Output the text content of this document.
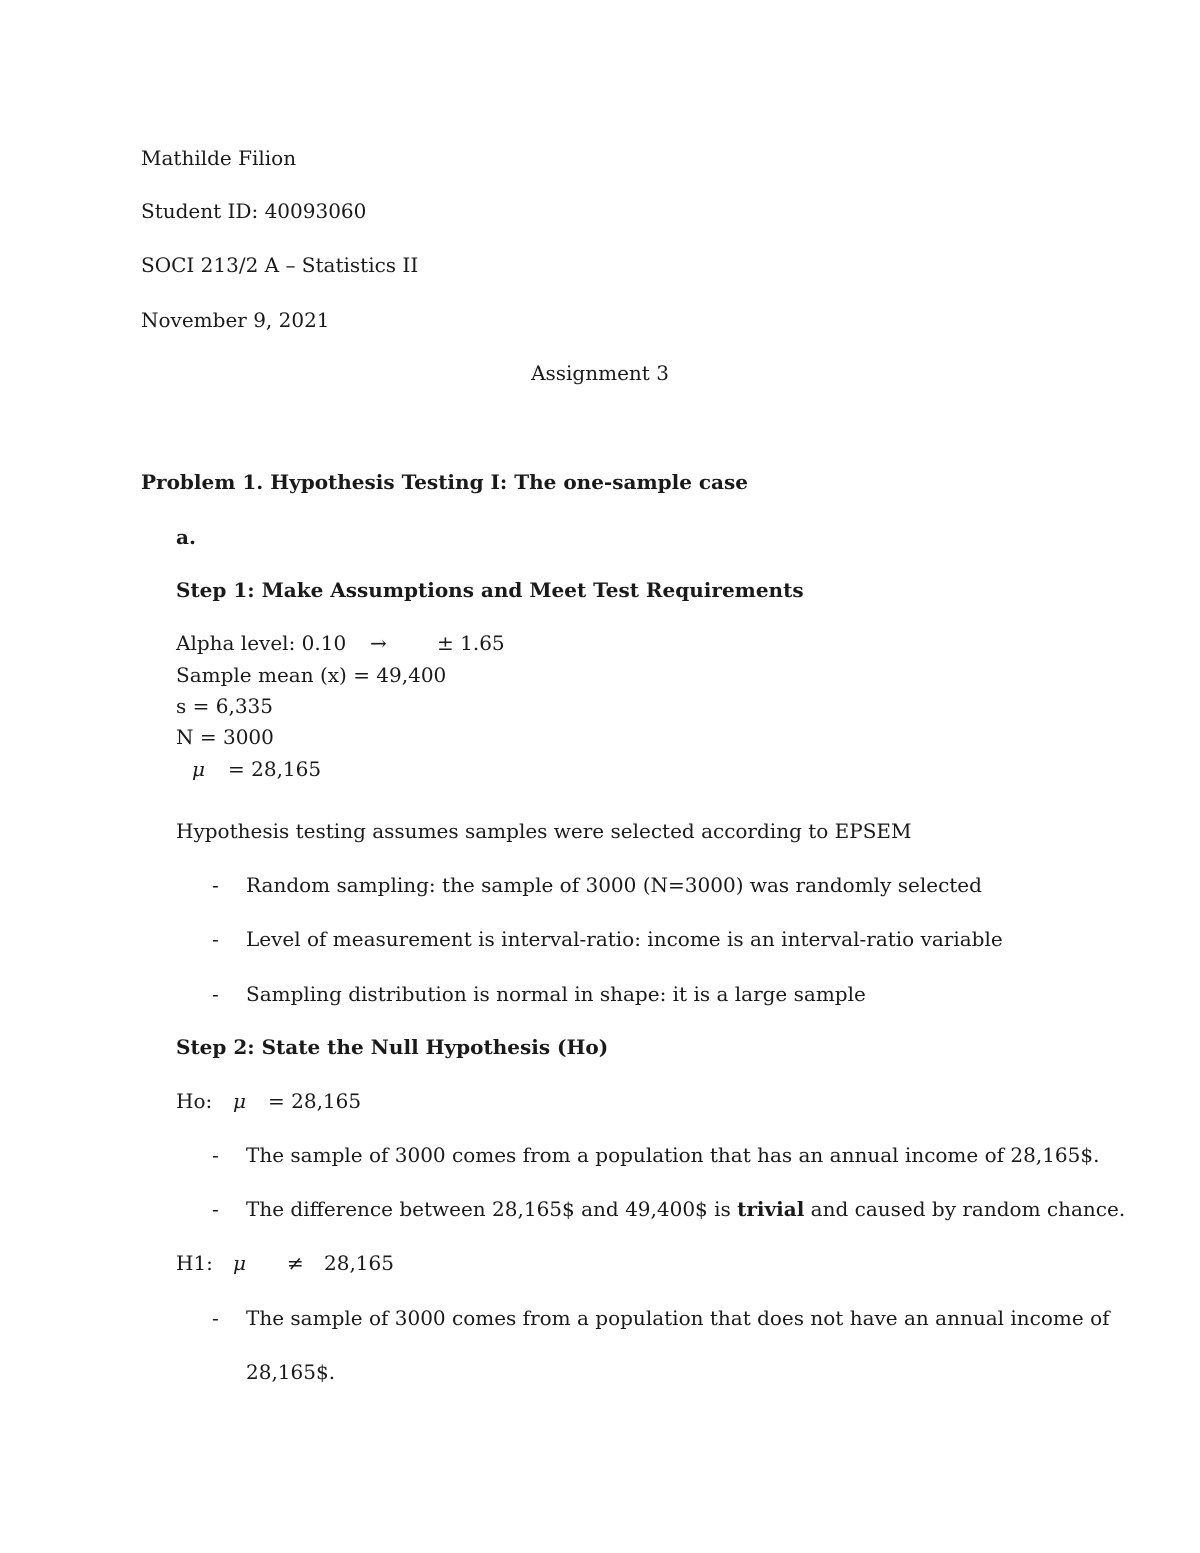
Mathilde Filion
Student ID: 40093060
SOCI 213/2 A – Statistics II
November 9, 2021
Assignment 3
Problem 1. Hypothesis Testing I: The one-sample case
a.
Step 1: Make Assumptions and Meet Test Requirements
Alpha level: 0.10 →	± 1.65
Sample mean (x) = 49,400
s = 6,335
N = 3000
μ = 28,165
Hypothesis testing assumes samples were selected according to EPSEM
- Random sampling: the sample of 3000 (N=3000) was randomly selected
- Level of measurement is interval-ratio: income is an interval-ratio variable
- Sampling distribution is normal in shape: it is a large sample
Step 2: State the Null Hypothesis (Ho)
Ho: μ = 28,165
- The sample of 3000 comes from a population that has an annual income of 28,165$.
- The difference between 28,165$ and 49,400$ is trivial and caused by random chance.
H1: μ ≠ 28,165
- The sample of 3000 comes from a population that does not have an annual income of
28,165$.
